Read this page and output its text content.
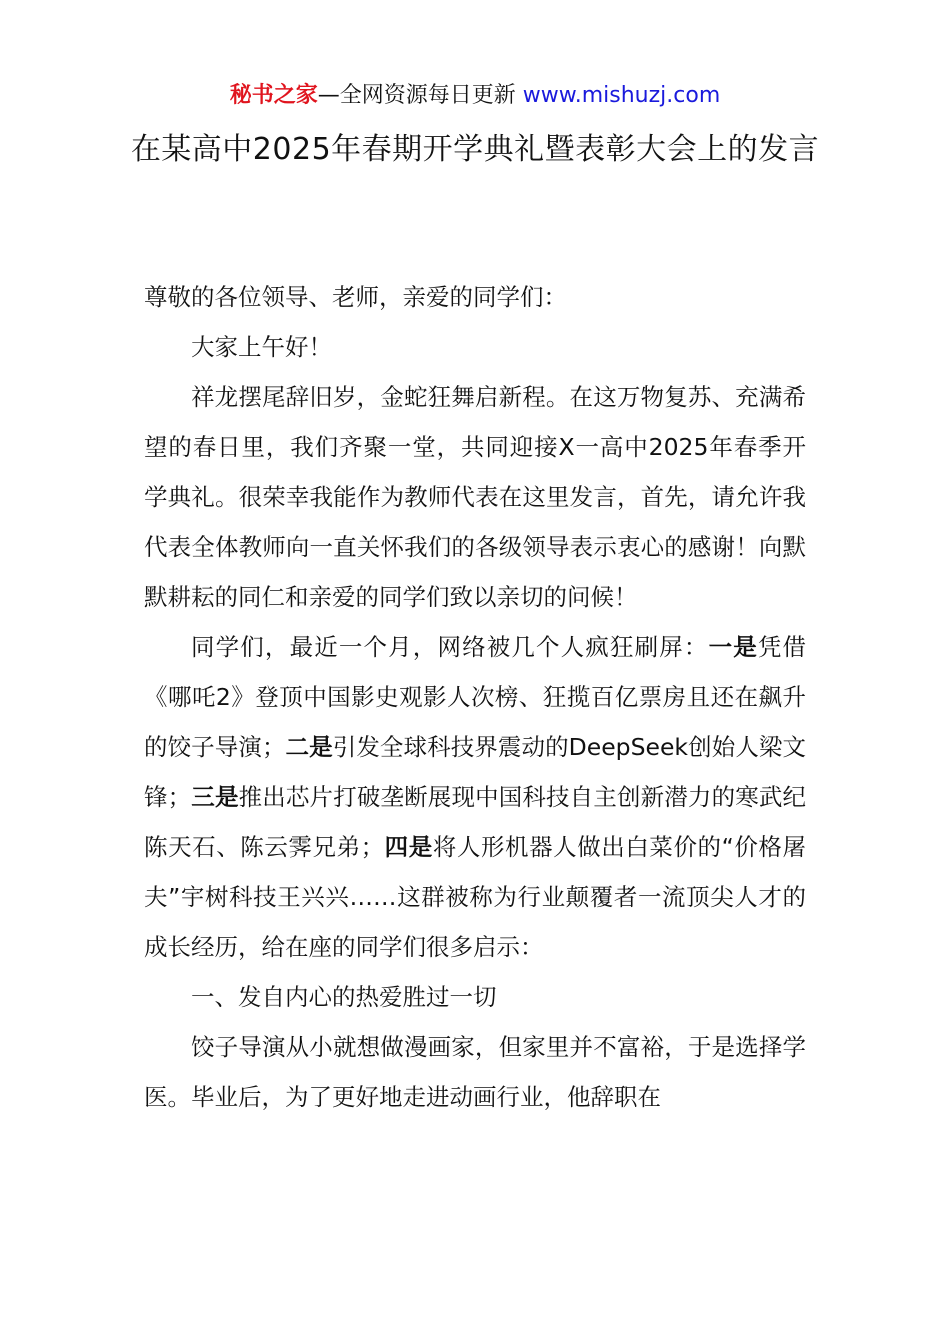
秘书之家—全网资源每日更新 www.mishuzj.com
在某高中2025年春期开学典礼暨表彰大会上的发言

尊敬的各位领导、老师，亲爱的同学们：

大家上午好！

祥龙摆尾辞旧岁，金蛇狂舞启新程。在这万物复苏、充满希望的春日里，我们齐聚一堂，共同迎接X一高中2025年春季开学典礼。很荣幸我能作为教师代表在这里发言，首先，请允许我代表全体教师向一直关怀我们的各级领导表示衷心的感谢！向默默耕耘的同仁和亲爱的同学们致以亲切的问候！

同学们，最近一个月，网络被几个人疯狂刷屏：一是凭借《哪吒2》登顶中国影史观影人次榜、狂揽百亿票房且还在飙升的饺子导演；二是引发全球科技界震动的DeepSeek创始人梁文锋；三是推出芯片打破垄断展现中国科技自主创新潜力的寒武纪陈天石、陈云霁兄弟；四是将人形机器人做出白菜价的“价格屠夫”宇树科技王兴兴……这群被称为行业颠覆者一流顶尖人才的成长经历，给在座的同学们很多启示：

一、发自内心的热爱胜过一切

饺子导演从小就想做漫画家，但家里并不富裕，于是选择学医。毕业后，为了更好地走进动画行业，他辞职在
